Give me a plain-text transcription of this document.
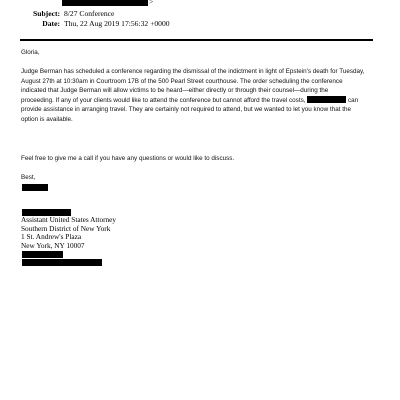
>
Subject: 8/27 Conference
Date: Thu, 22 Aug 2019 17:56:32 +0000
Gloria,
Judge Berman has scheduled a conference regarding the dismissal of the indictment in light of Epstein's death for Tuesday,
August 27th at 10:30am in Courtroom 17B of the 500 Pearl Street courthouse. The order scheduling the conference
indicated that Judge Berman will allow victims to be heard—either directly or through their counsel—during the
proceeding. If any of your clients would like to attend the conference but cannot afford the travel costs,	can
provide assistance in arranging travel. They are certainly not required to attend, but we wanted to let you know that the
option is available.
Feel free to give me a call if you have any questions or would like to discuss.
Best,
Assistant United States Attorney
Southern District of New York
1 St. Andrew's Plaza
New York, NY 10007
